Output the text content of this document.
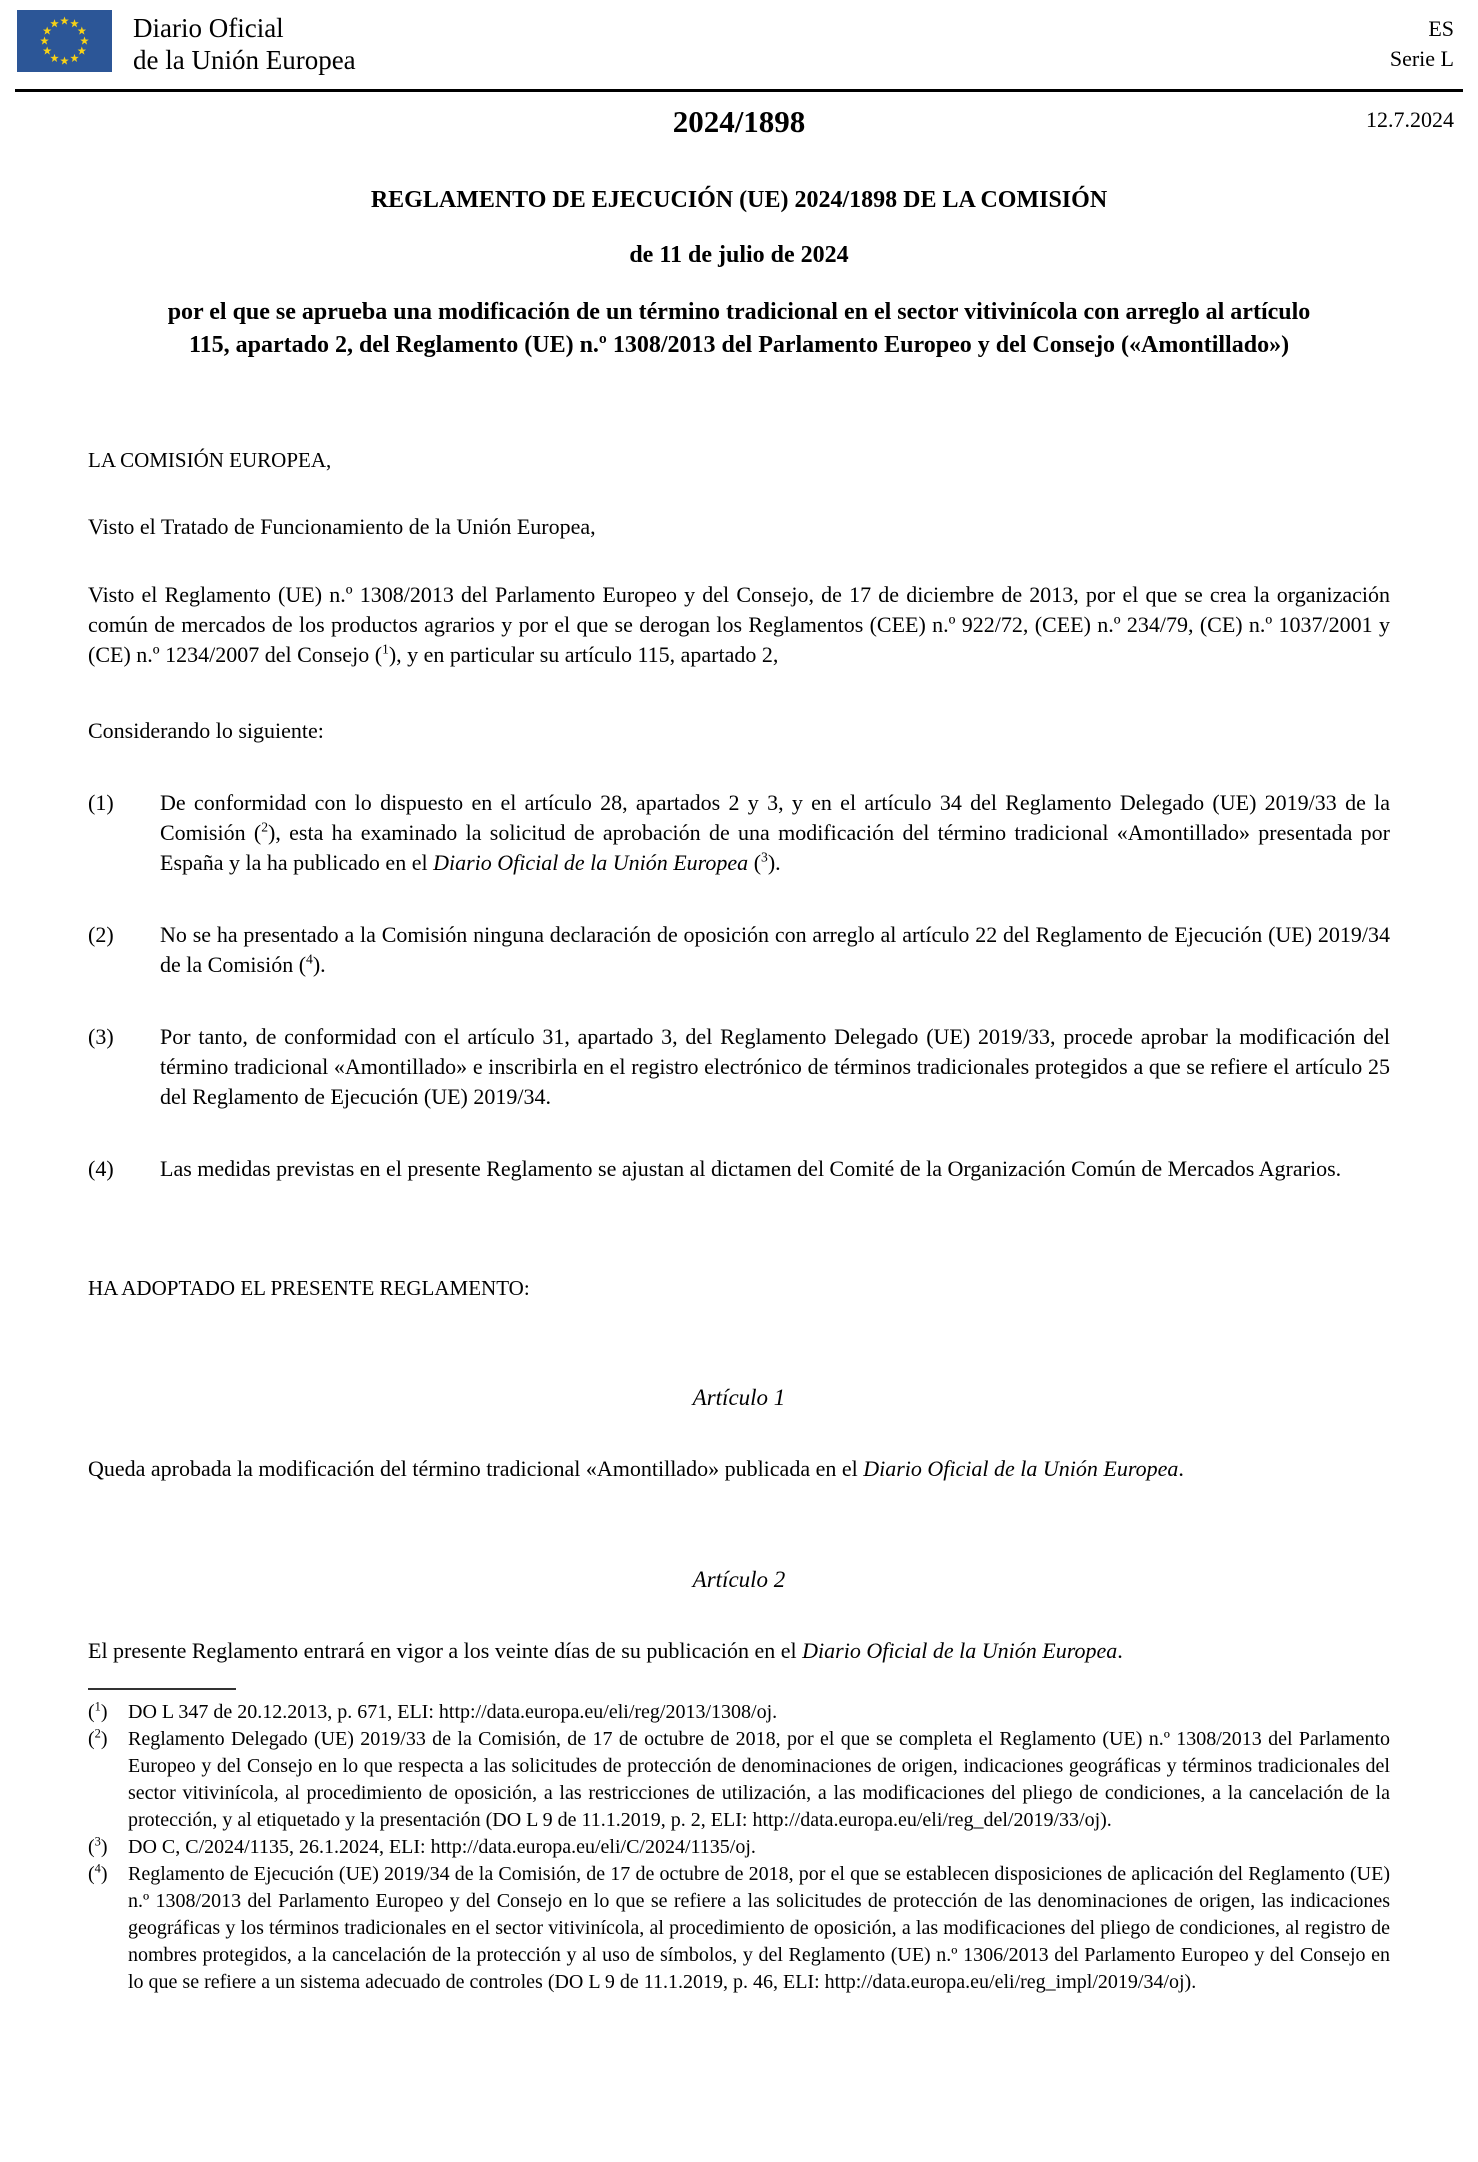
Diario Oficial
de la Unión Europea
ES
Serie L
2024/1898	12.7.2024
REGLAMENTO DE EJECUCIÓN (UE) 2024/1898 DE LA COMISIÓN
de 11 de julio de 2024
por el que se aprueba una modificación de un término tradicional en el sector vitivinícola con arreglo al artículo 115, apartado 2, del Reglamento (UE) n.º 1308/2013 del Parlamento Europeo y del Consejo («Amontillado»)
LA COMISIÓN EUROPEA,

Visto el Tratado de Funcionamiento de la Unión Europea,

Visto el Reglamento (UE) n.º 1308/2013 del Parlamento Europeo y del Consejo, de 17 de diciembre de 2013, por el que se crea la organización común de mercados de los productos agrarios y por el que se derogan los Reglamentos (CEE) n.º 922/72, (CEE) n.º 234/79, (CE) n.º 1037/2001 y (CE) n.º 1234/2007 del Consejo ($^1$), y en particular su artículo 115, apartado 2,

Considerando lo siguiente:
(1)	De conformidad con lo dispuesto en el artículo 28, apartados 2 y 3, y en el artículo 34 del Reglamento Delegado (UE) 2019/33 de la Comisión ($^2$), esta ha examinado la solicitud de aprobación de una modificación del término tradicional «Amontillado» presentada por España y la ha publicado en el Diario Oficial de la Unión Europea ($^3$).
(2)	No se ha presentado a la Comisión ninguna declaración de oposición con arreglo al artículo 22 del Reglamento de Ejecución (UE) 2019/34 de la Comisión ($^4$).
(3)	Por tanto, de conformidad con el artículo 31, apartado 3, del Reglamento Delegado (UE) 2019/33, procede aprobar la modificación del término tradicional «Amontillado» e inscribirla en el registro electrónico de términos tradicionales protegidos a que se refiere el artículo 25 del Reglamento de Ejecución (UE) 2019/34.
(4)	Las medidas previstas en el presente Reglamento se ajustan al dictamen del Comité de la Organización Común de Mercados Agrarios.
HA ADOPTADO EL PRESENTE REGLAMENTO:
Artículo 1

Queda aprobada la modificación del término tradicional «Amontillado» publicada en el Diario Oficial de la Unión Europea.

Artículo 2

El presente Reglamento entrará en vigor a los veinte días de su publicación en el Diario Oficial de la Unión Europea.

($^1$)	DO L 347 de 20.12.2013, p. 671, ELI: http://data.europa.eu/eli/reg/2013/1308/oj.
($^2$)	Reglamento Delegado (UE) 2019/33 de la Comisión, de 17 de octubre de 2018, por el que se completa el Reglamento (UE) n.º 1308/2013 del Parlamento Europeo y del Consejo en lo que respecta a las solicitudes de protección de denominaciones de origen, indicaciones geográficas y términos tradicionales del sector vitivinícola, al procedimiento de oposición, a las restricciones de utilización, a las modificaciones del pliego de condiciones, a la cancelación de la protección, y al etiquetado y la presentación (DO L 9 de 11.1.2019, p. 2, ELI: http://data.europa.eu/eli/reg_del/2019/33/oj).
($^3$)	DO C, C/2024/1135, 26.1.2024, ELI: http://data.europa.eu/eli/C/2024/1135/oj.
($^4$)	Reglamento de Ejecución (UE) 2019/34 de la Comisión, de 17 de octubre de 2018, por el que se establecen disposiciones de aplicación del Reglamento (UE) n.º 1308/2013 del Parlamento Europeo y del Consejo en lo que se refiere a las solicitudes de protección de las denominaciones de origen, las indicaciones geográficas y los términos tradicionales en el sector vitivinícola, al procedimiento de oposición, a las modificaciones del pliego de condiciones, al registro de nombres protegidos, a la cancelación de la protección y al uso de símbolos, y del Reglamento (UE) n.º 1306/2013 del Parlamento Europeo y del Consejo en lo que se refiere a un sistema adecuado de controles (DO L 9 de 11.1.2019, p. 46, ELI: http://data.europa.eu/eli/reg_impl/2019/34/oj).
